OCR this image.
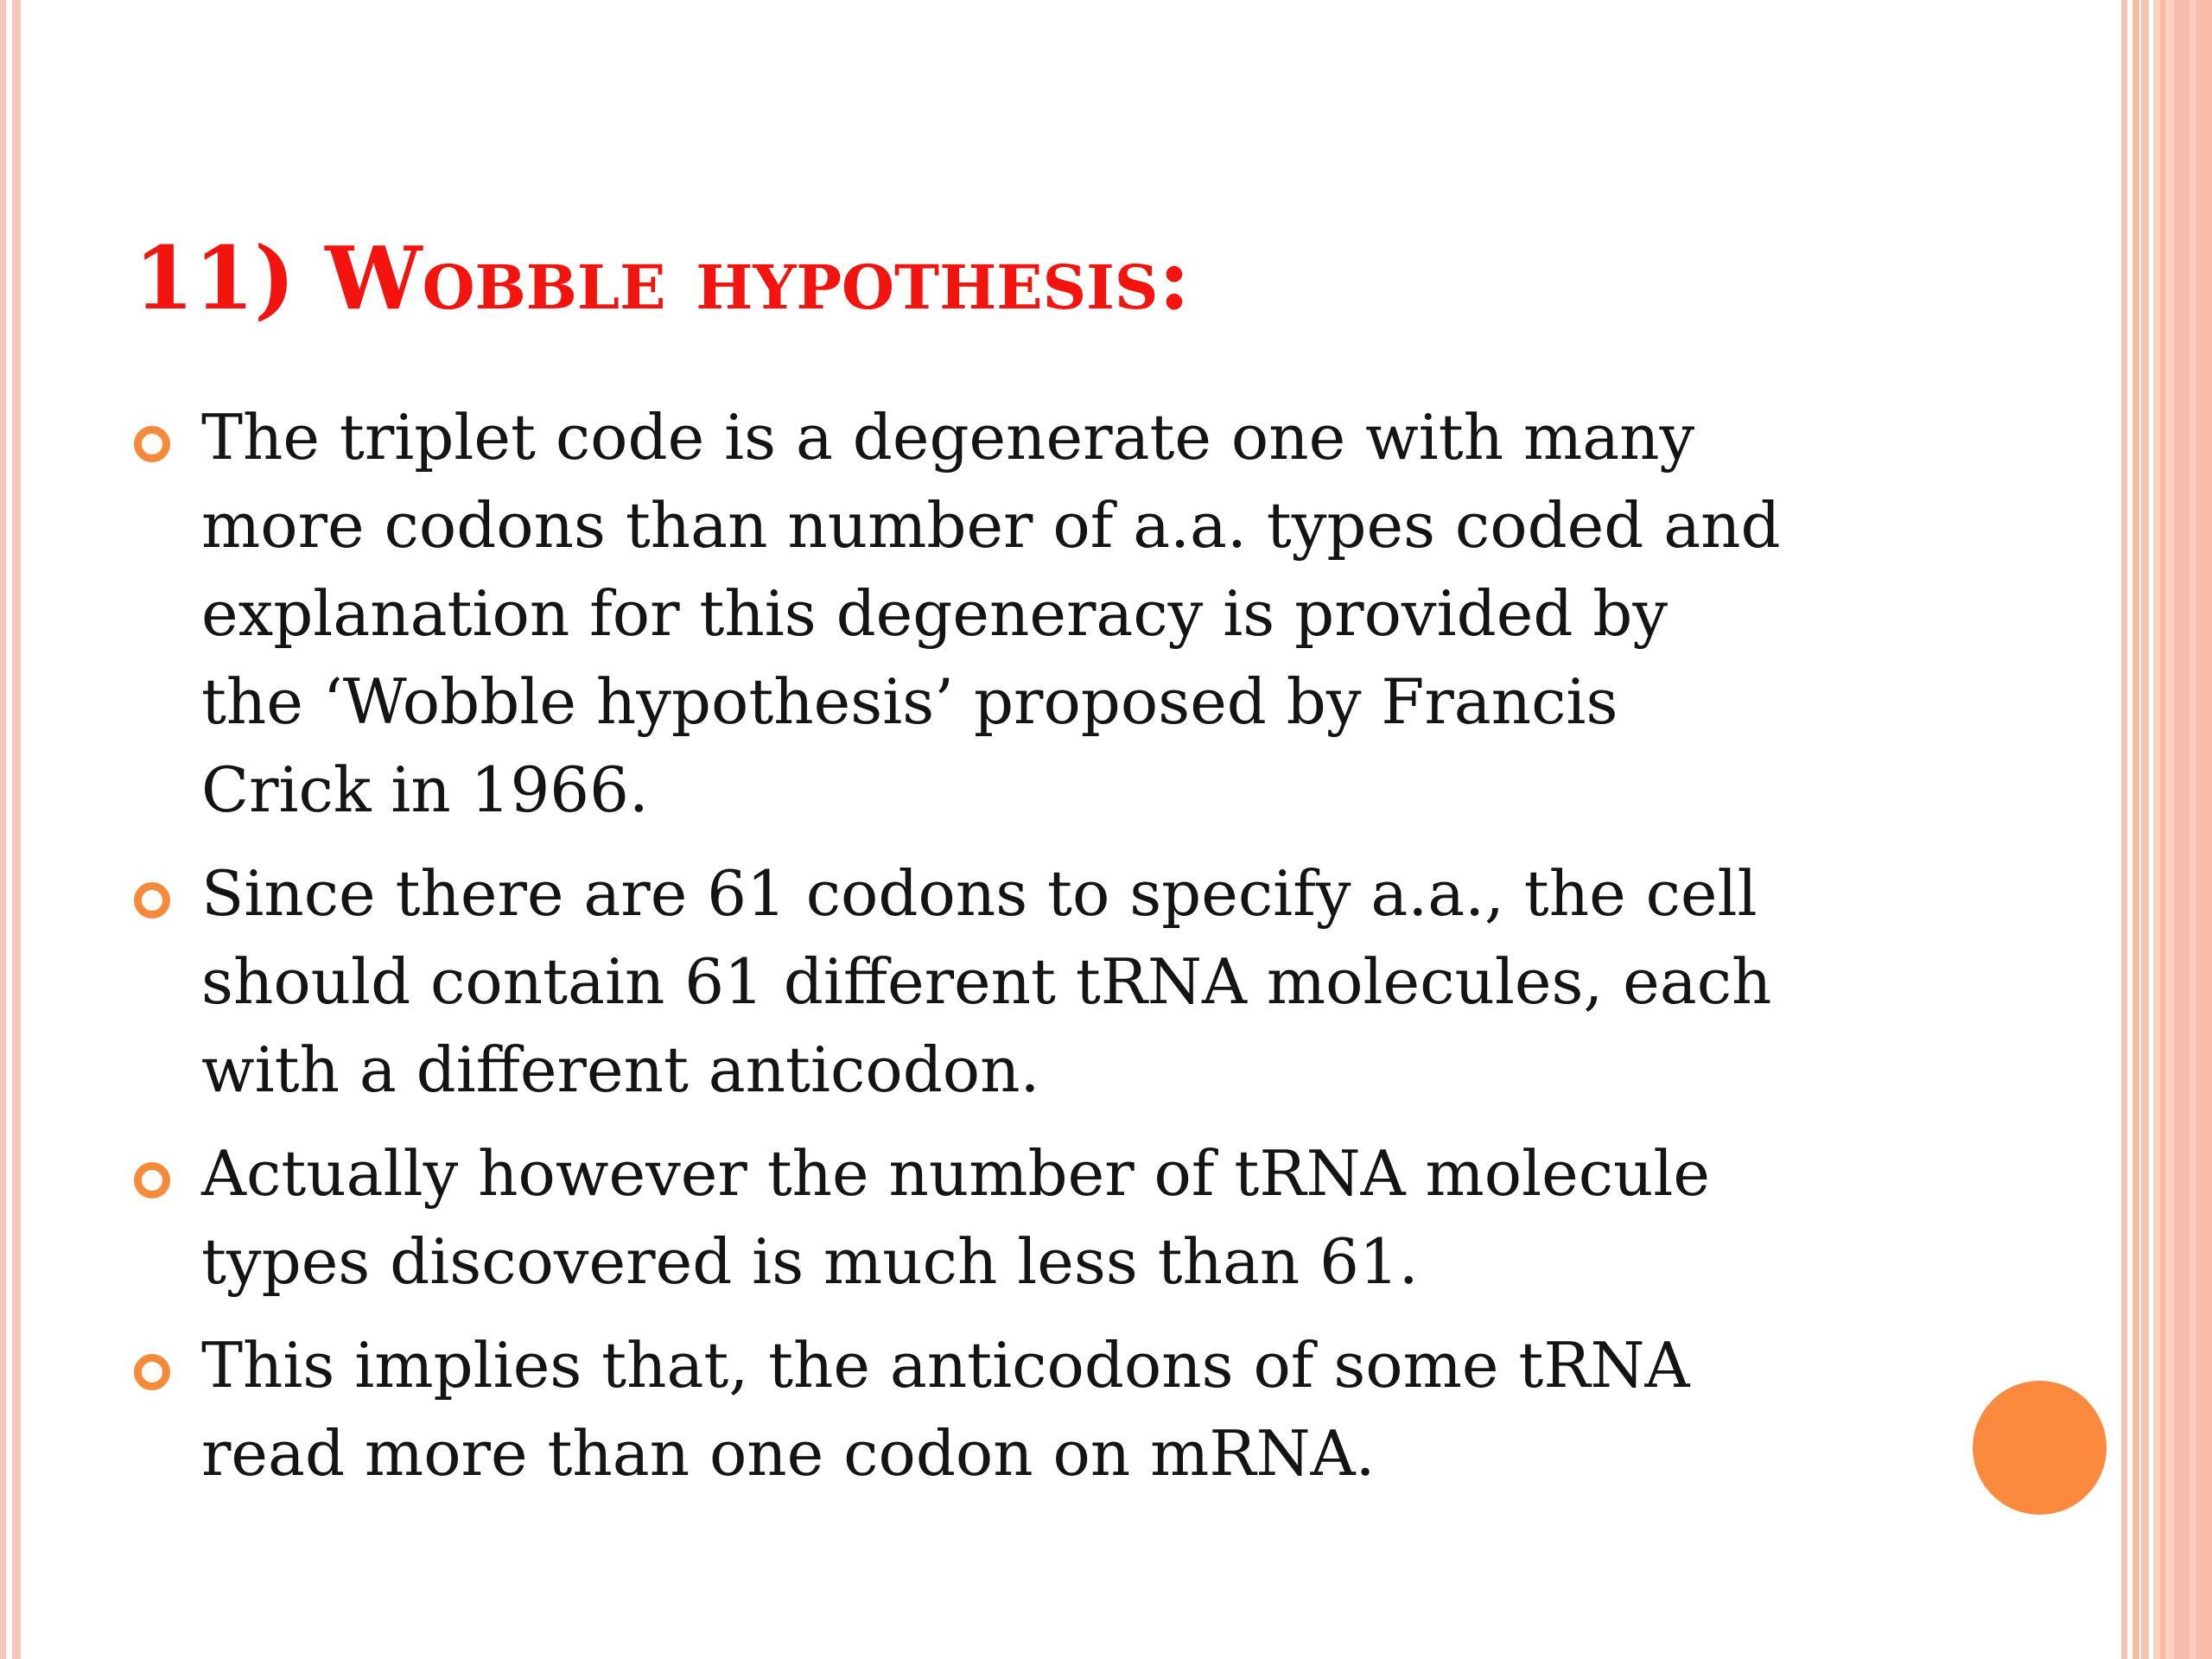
11) Wobble hypothesis:
The triplet code is a degenerate one with many
more codons than number of a.a. types coded and
explanation for this degeneracy is provided by
the ‘Wobble hypothesis’ proposed by Francis
Crick in 1966.
Since there are 61 codons to specify a.a., the cell
should contain 61 different tRNA molecules, each
with a different anticodon.
Actually however the number of tRNA molecule
types discovered is much less than 61.
This implies that, the anticodons of some tRNA
read more than one codon on mRNA.
